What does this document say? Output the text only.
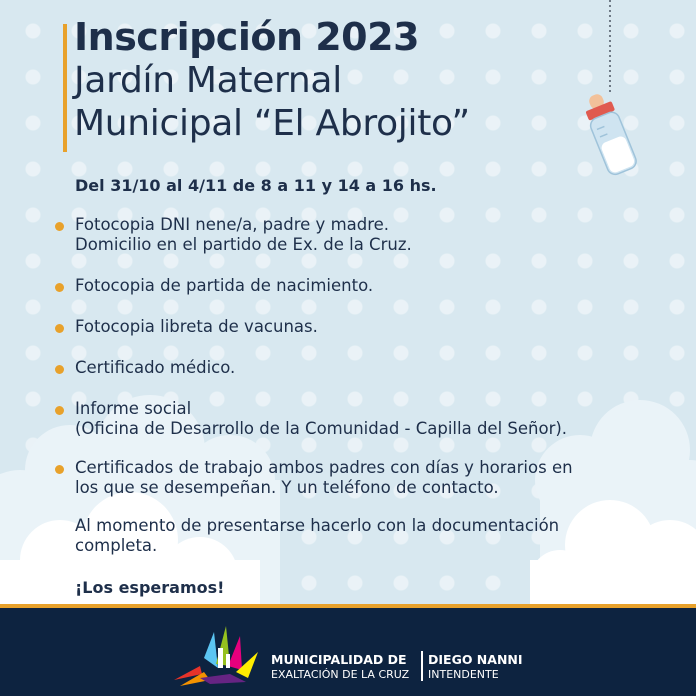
Inscripción 2023
Jardín Maternal
Municipal “El Abrojito”
Del 31/10 al 4/11 de 8 a 11 y 14 a 16 hs.
Fotocopia DNI nene/a, padre y madre.
Domicilio en el partido de Ex. de la Cruz.
Fotocopia de partida de nacimiento.
Fotocopia libreta de vacunas.
Certificado médico.
Informe social
(Oficina de Desarrollo de la Comunidad - Capilla del Señor).
Certificados de trabajo ambos padres con días y horarios en
los que se desempeñan. Y un teléfono de contacto.
Al momento de presentarse hacerlo con la documentación
completa.
¡Los esperamos!
MUNICIPALIDAD DE
EXALTACIÓN DE LA CRUZ
DIEGO NANNI
INTENDENTE
